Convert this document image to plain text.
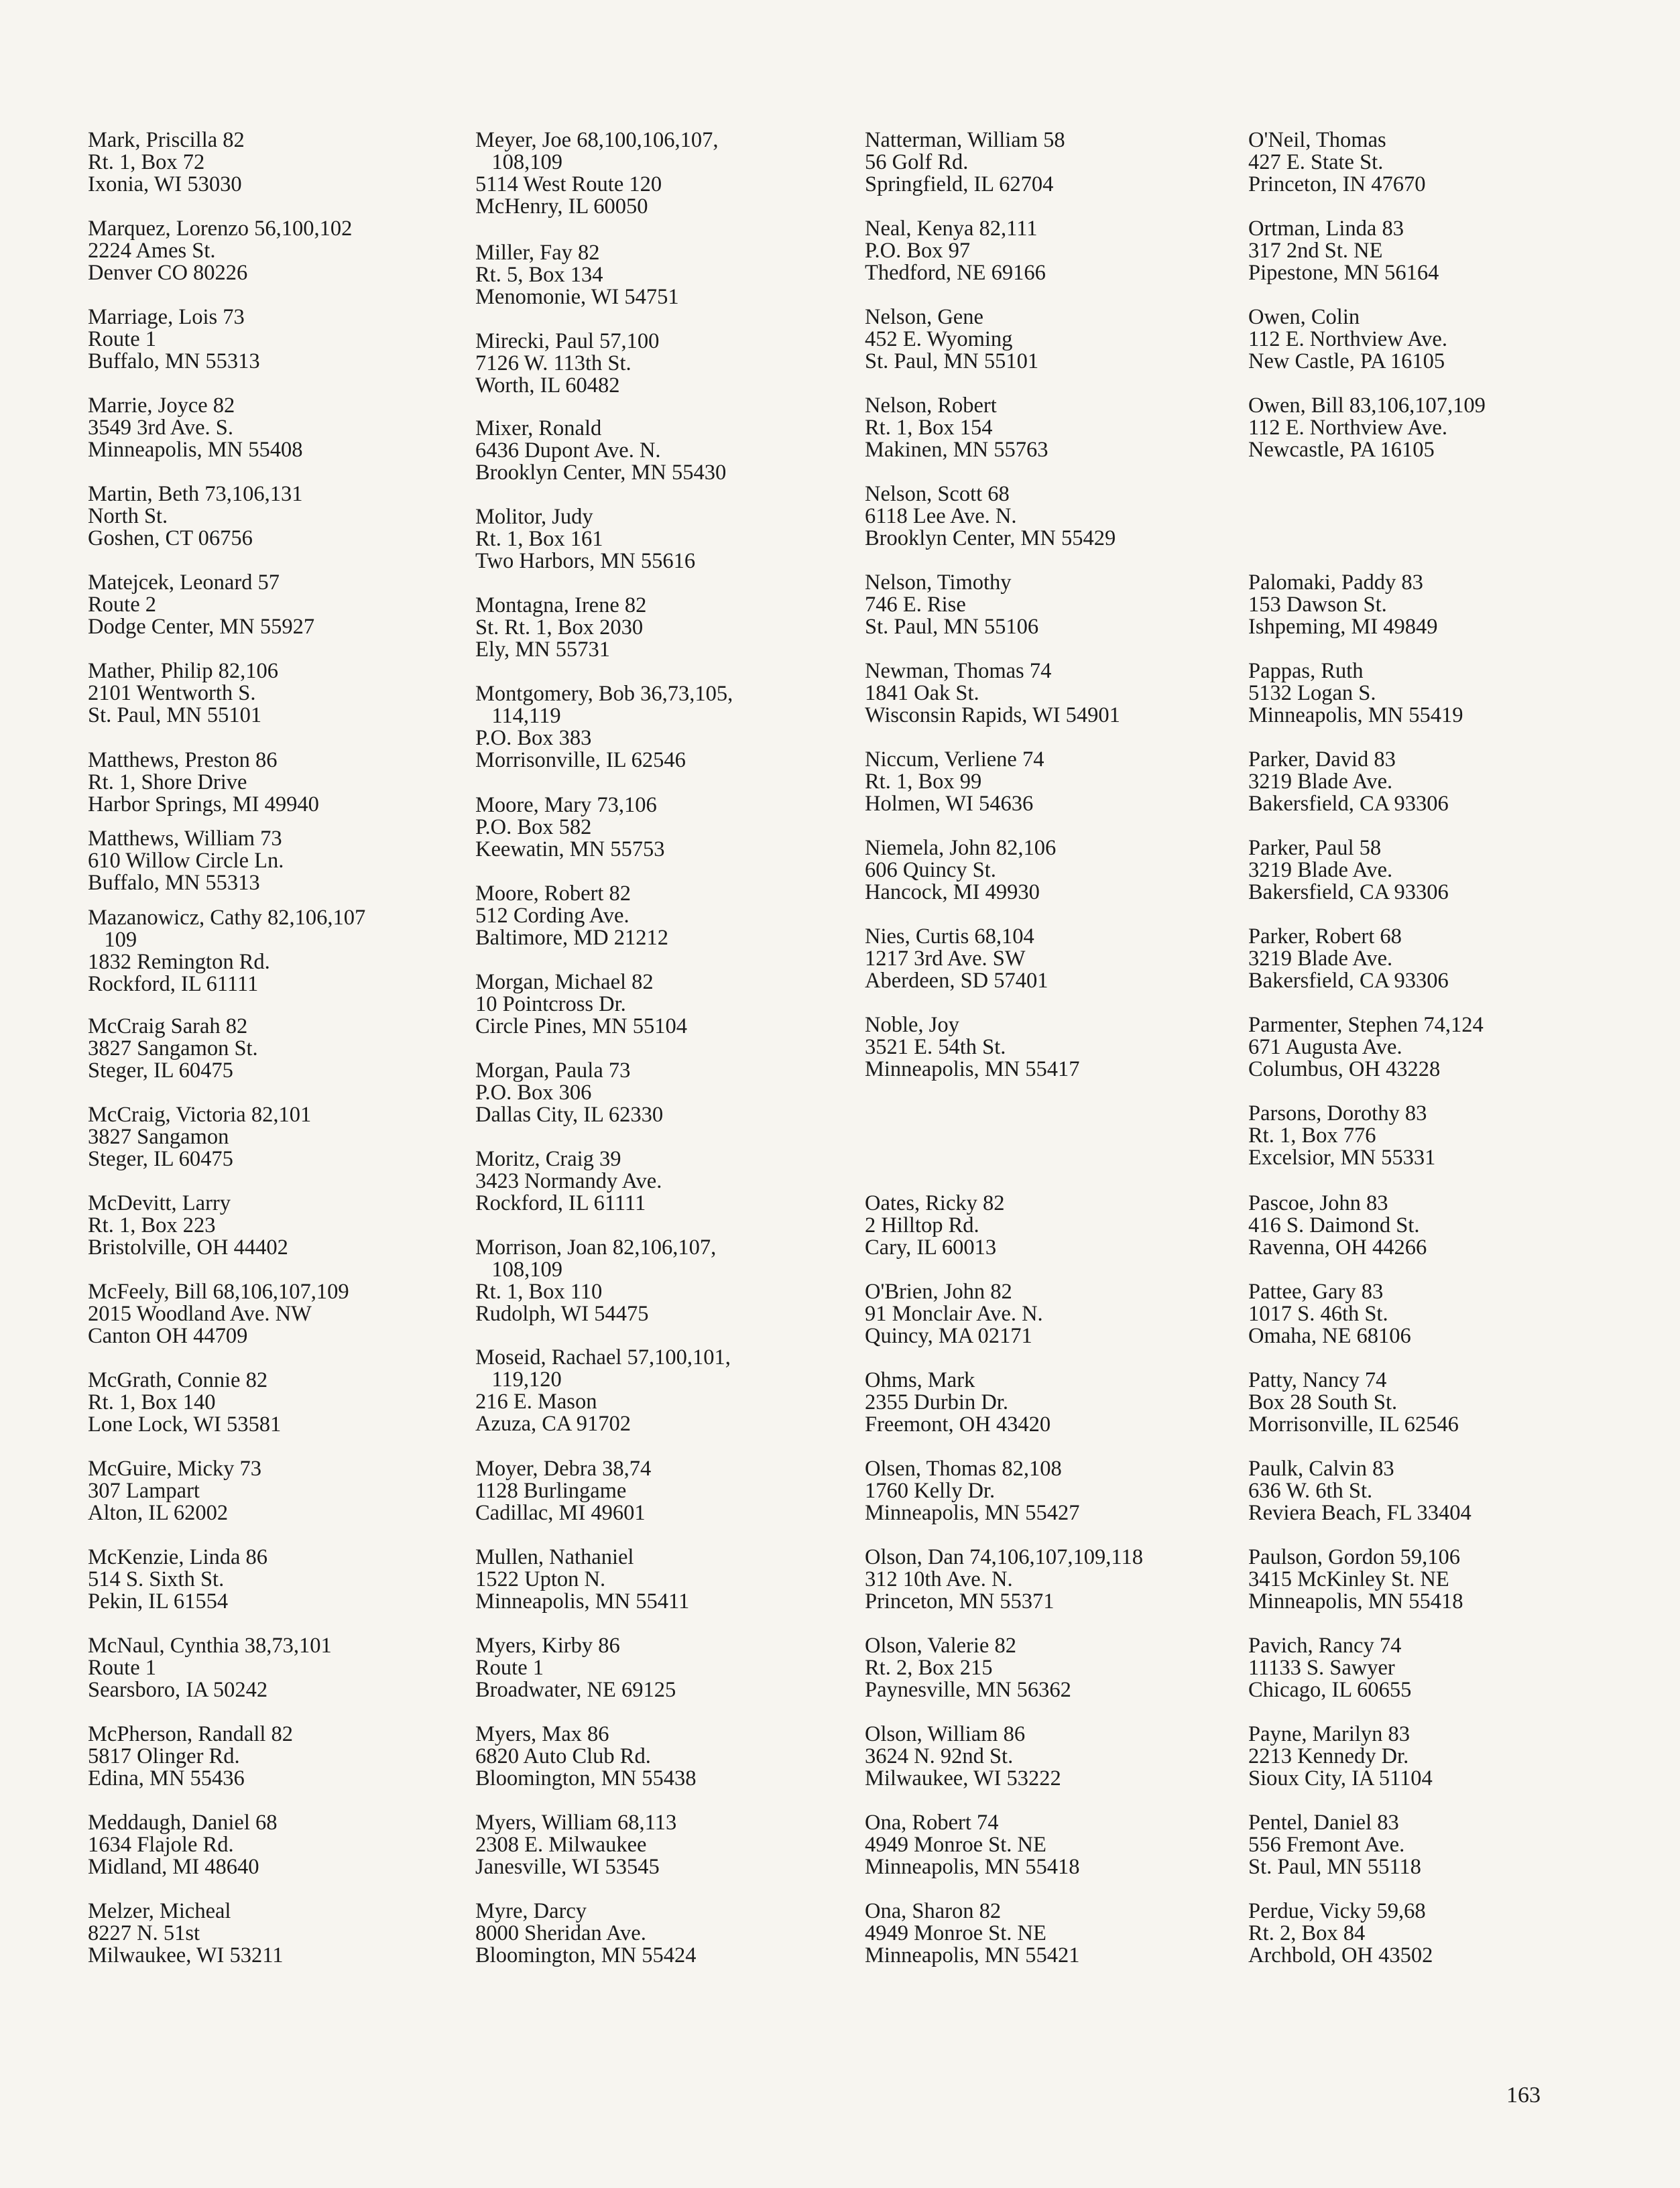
Mark, Priscilla 82
Rt. 1, Box 72
Ixonia, WI 53030
Marquez, Lorenzo 56,100,102
2224 Ames St.
Denver CO 80226
Marriage, Lois 73
Route 1
Buffalo, MN 55313
Marrie, Joyce 82
3549 3rd Ave. S.
Minneapolis, MN 55408
Martin, Beth 73,106,131
North St.
Goshen, CT 06756
Matejcek, Leonard 57
Route 2
Dodge Center, MN 55927
Mather, Philip 82,106
2101 Wentworth S.
St. Paul, MN 55101
Matthews, Preston 86
Rt. 1, Shore Drive
Harbor Springs, MI 49940
Matthews, William 73
610 Willow Circle Ln.
Buffalo, MN 55313
Mazanowicz, Cathy 82,106,107
109
1832 Remington Rd.
Rockford, IL 61111
McCraig Sarah 82
3827 Sangamon St.
Steger, IL 60475
McCraig, Victoria 82,101
3827 Sangamon
Steger, IL 60475
McDevitt, Larry
Rt. 1, Box 223
Bristolville, OH 44402
McFeely, Bill 68,106,107,109
2015 Woodland Ave. NW
Canton OH 44709
McGrath, Connie 82
Rt. 1, Box 140
Lone Lock, WI 53581
McGuire, Micky 73
307 Lampart
Alton, IL 62002
McKenzie, Linda 86
514 S. Sixth St.
Pekin, IL 61554
McNaul, Cynthia 38,73,101
Route 1
Searsboro, IA 50242
McPherson, Randall 82
5817 Olinger Rd.
Edina, MN 55436
Meddaugh, Daniel 68
1634 Flajole Rd.
Midland, MI 48640
Melzer, Micheal
8227 N. 51st
Milwaukee, WI 53211
Meyer, Joe 68,100,106,107,
108,109
5114 West Route 120
McHenry, IL 60050
Miller, Fay 82
Rt. 5, Box 134
Menomonie, WI 54751
Mirecki, Paul 57,100
7126 W. 113th St.
Worth, IL 60482
Mixer, Ronald
6436 Dupont Ave. N.
Brooklyn Center, MN 55430
Molitor, Judy
Rt. 1, Box 161
Two Harbors, MN 55616
Montagna, Irene 82
St. Rt. 1, Box 2030
Ely, MN 55731
Montgomery, Bob 36,73,105,
114,119
P.O. Box 383
Morrisonville, IL 62546
Moore, Mary 73,106
P.O. Box 582
Keewatin, MN 55753
Moore, Robert 82
512 Cording Ave.
Baltimore, MD 21212
Morgan, Michael 82
10 Pointcross Dr.
Circle Pines, MN 55104
Morgan, Paula 73
P.O. Box 306
Dallas City, IL 62330
Moritz, Craig 39
3423 Normandy Ave.
Rockford, IL 61111
Morrison, Joan 82,106,107,
108,109
Rt. 1, Box 110
Rudolph, WI 54475
Moseid, Rachael 57,100,101,
119,120
216 E. Mason
Azuza, CA 91702
Moyer, Debra 38,74
1128 Burlingame
Cadillac, MI 49601
Mullen, Nathaniel
1522 Upton N.
Minneapolis, MN 55411
Myers, Kirby 86
Route 1
Broadwater, NE 69125
Myers, Max 86
6820 Auto Club Rd.
Bloomington, MN 55438
Myers, William 68,113
2308 E. Milwaukee
Janesville, WI 53545
Myre, Darcy
8000 Sheridan Ave.
Bloomington, MN 55424
Natterman, William 58
56 Golf Rd.
Springfield, IL 62704
Neal, Kenya 82,111
P.O. Box 97
Thedford, NE 69166
Nelson, Gene
452 E. Wyoming
St. Paul, MN 55101
Nelson, Robert
Rt. 1, Box 154
Makinen, MN 55763
Nelson, Scott 68
6118 Lee Ave. N.
Brooklyn Center, MN 55429
Nelson, Timothy
746 E. Rise
St. Paul, MN 55106
Newman, Thomas 74
1841 Oak St.
Wisconsin Rapids, WI 54901
Niccum, Verliene 74
Rt. 1, Box 99
Holmen, WI 54636
Niemela, John 82,106
606 Quincy St.
Hancock, MI 49930
Nies, Curtis 68,104
1217 3rd Ave. SW
Aberdeen, SD 57401
Noble, Joy
3521 E. 54th St.
Minneapolis, MN 55417
Oates, Ricky 82
2 Hilltop Rd.
Cary, IL 60013
O'Brien, John 82
91 Monclair Ave. N.
Quincy, MA 02171
Ohms, Mark
2355 Durbin Dr.
Freemont, OH 43420
Olsen, Thomas 82,108
1760 Kelly Dr.
Minneapolis, MN 55427
Olson, Dan 74,106,107,109,118
312 10th Ave. N.
Princeton, MN 55371
Olson, Valerie 82
Rt. 2, Box 215
Paynesville, MN 56362
Olson, William 86
3624 N. 92nd St.
Milwaukee, WI 53222
Ona, Robert 74
4949 Monroe St. NE
Minneapolis, MN 55418
Ona, Sharon 82
4949 Monroe St. NE
Minneapolis, MN 55421
O'Neil, Thomas
427 E. State St.
Princeton, IN 47670
Ortman, Linda 83
317 2nd St. NE
Pipestone, MN 56164
Owen, Colin
112 E. Northview Ave.
New Castle, PA 16105
Owen, Bill 83,106,107,109
112 E. Northview Ave.
Newcastle, PA 16105
Palomaki, Paddy 83
153 Dawson St.
Ishpeming, MI 49849
Pappas, Ruth
5132 Logan S.
Minneapolis, MN 55419
Parker, David 83
3219 Blade Ave.
Bakersfield, CA 93306
Parker, Paul 58
3219 Blade Ave.
Bakersfield, CA 93306
Parker, Robert 68
3219 Blade Ave.
Bakersfield, CA 93306
Parmenter, Stephen 74,124
671 Augusta Ave.
Columbus, OH 43228
Parsons, Dorothy 83
Rt. 1, Box 776
Excelsior, MN 55331
Pascoe, John 83
416 S. Daimond St.
Ravenna, OH 44266
Pattee, Gary 83
1017 S. 46th St.
Omaha, NE 68106
Patty, Nancy 74
Box 28 South St.
Morrisonville, IL 62546
Paulk, Calvin 83
636 W. 6th St.
Reviera Beach, FL 33404
Paulson, Gordon 59,106
3415 McKinley St. NE
Minneapolis, MN 55418
Pavich, Rancy 74
11133 S. Sawyer
Chicago, IL 60655
Payne, Marilyn 83
2213 Kennedy Dr.
Sioux City, IA 51104
Pentel, Daniel 83
556 Fremont Ave.
St. Paul, MN 55118
Perdue, Vicky 59,68
Rt. 2, Box 84
Archbold, OH 43502
163
